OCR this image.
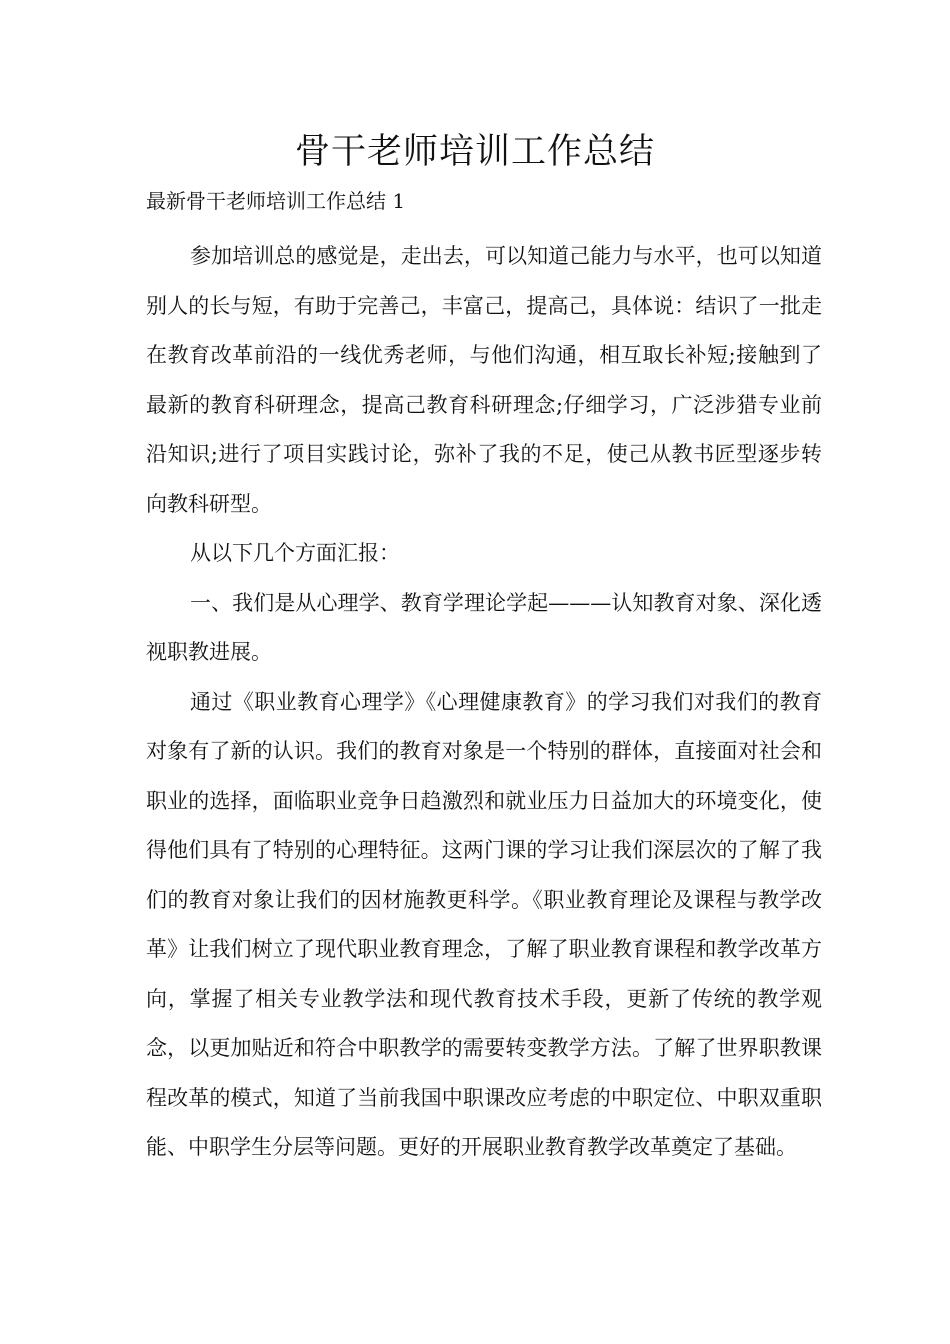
骨干老师培训工作总结

最新骨干老师培训工作总结 1

参加培训总的感觉是，走出去，可以知道己能力与水平，也可以知道别人的长与短，有助于完善己，丰富己，提高己，具体说：结识了一批走在教育改革前沿的一线优秀老师，与他们沟通，相互取长补短;接触到了最新的教育科研理念，提高己教育科研理念;仔细学习，广泛涉猎专业前沿知识;进行了项目实践讨论，弥补了我的不足，使己从教书匠型逐步转向教科研型。

从以下几个方面汇报：

一、我们是从心理学、教育学理论学起———认知教育对象、深化透视职教进展。

通过《职业教育心理学》《心理健康教育》的学习我们对我们的教育对象有了新的认识。我们的教育对象是一个特别的群体，直接面对社会和职业的选择，面临职业竞争日趋激烈和就业压力日益加大的环境变化，使得他们具有了特别的心理特征。这两门课的学习让我们深层次的了解了我们的教育对象让我们的因材施教更科学。《职业教育理论及课程与教学改革》让我们树立了现代职业教育理念，了解了职业教育课程和教学改革方向，掌握了相关专业教学法和现代教育技术手段，更新了传统的教学观念，以更加贴近和符合中职教学的需要转变教学方法。了解了世界职教课程改革的模式，知道了当前我国中职课改应考虑的中职定位、中职双重职能、中职学生分层等问题。更好的开展职业教育教学改革奠定了基础。
